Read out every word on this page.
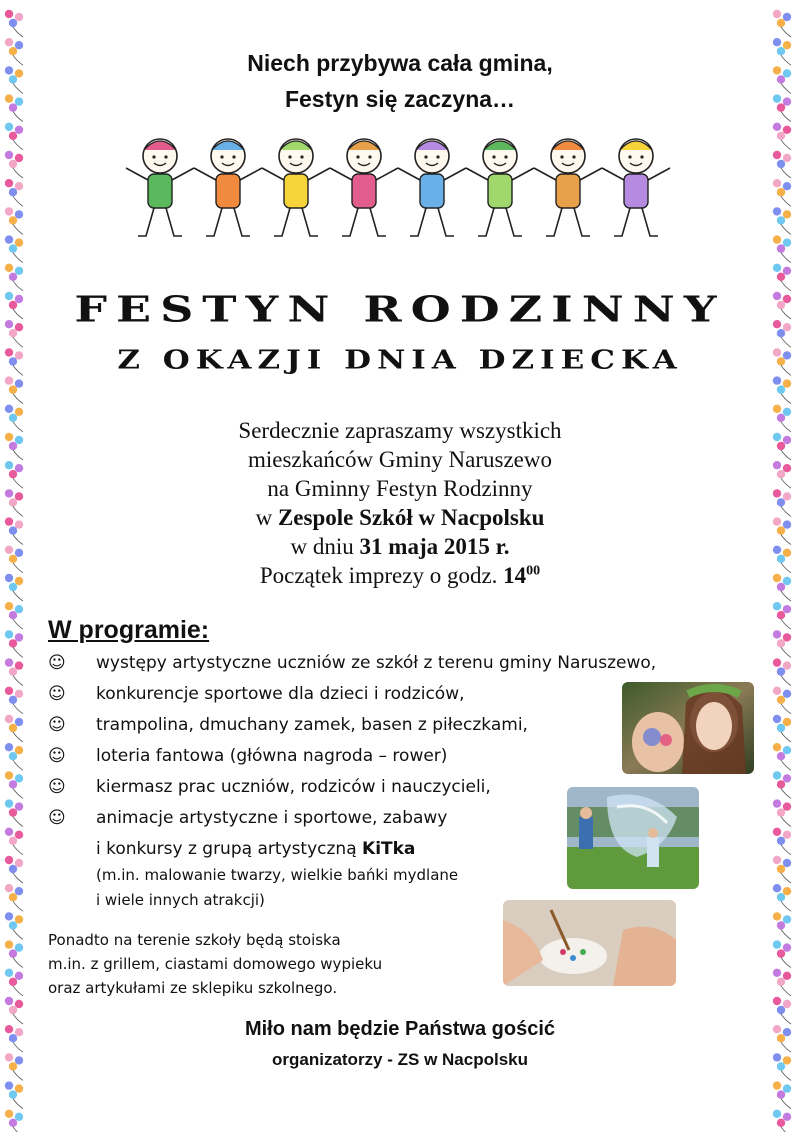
Niech przybywa cała gmina,
Festyn się zaczyna…
FESTYN RODZINNY
Z OKAZJI DNIA DZIECKA
Serdecznie zapraszamy wszystkich
mieszkańców Gminy Naruszewo
na Gminny Festyn Rodzinny
w Zespole Szkół w Nacpolsku
w dniu 31 maja 2015 r.
Początek imprezy o godz. $14^{00}$
W programie:
☺ występy artystyczne uczniów ze szkół z terenu gminy Naruszewo,
☺ konkurencje sportowe dla dzieci i rodziców,
☺ trampolina, dmuchany zamek, basen z piłeczkami,
☺ loteria fantowa (główna nagroda – rower)
☺ kiermasz prac uczniów, rodziców i nauczycieli,
☺ animacje artystyczne i sportowe, zabawy
i konkursy z grupą artystyczną KiTka
(m.in. malowanie twarzy, wielkie bańki mydlane
i wiele innych atrakcji)
Ponadto na terenie szkoły będą stoiska
m.in. z grillem, ciastami domowego wypieku
oraz artykułami ze sklepiku szkolnego.
Miło nam będzie Państwa gościć
organizatorzy - ZS w Nacpolsku
